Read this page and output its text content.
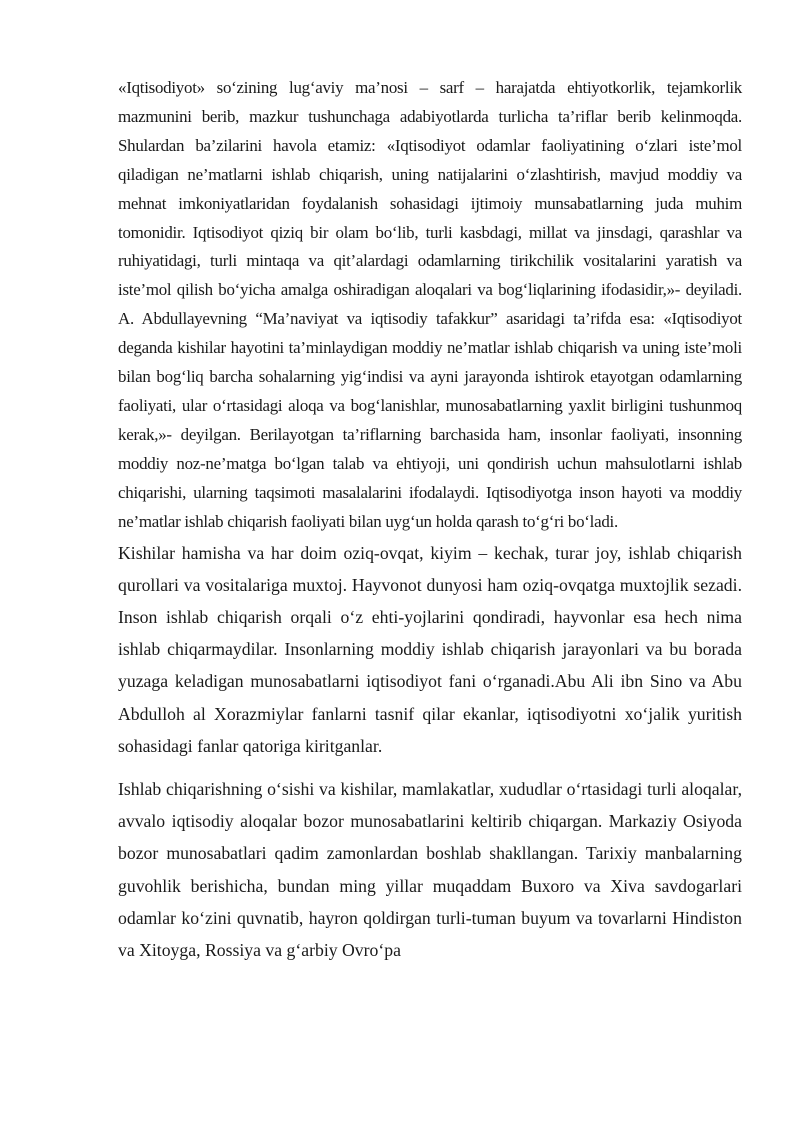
«Iqtisodiyot» so‘zining lug‘aviy ma’nosi – sarf – harajatda ehtiyotkorlik, tejamkorlik mazmunini berib, mazkur tushunchaga adabiyotlarda turlicha ta’riflar berib kelinmoqda. Shulardan ba’zilarini havola etamiz: «Iqtisodiyot odamlar faoliyatining o‘zlari iste’mol qiladigan ne’matlarni ishlab chiqarish, uning natijalarini o‘zlashtirish, mavjud moddiy va mehnat imkoniyatlaridan foydalanish sohasidagi ijtimoiy munsabatlarning juda muhim tomonidir. Iqtisodiyot qiziq bir olam bo‘lib, turli kasbdagi, millat va jinsdagi, qarashlar va ruhiyatidagi, turli mintaqa va qit’alardagi odamlarning tirikchilik vositalarini yaratish va iste’mol qilish bo‘yicha amalga oshiradigan aloqalari va bog‘liqlarining ifodasidir,»- deyiladi. A. Abdullayevning “Ma’naviyat va iqtisodiy tafakkur” asaridagi ta’rifda esa: «Iqtisodiyot deganda kishilar hayotini ta’minlaydigan moddiy ne’matlar ishlab chiqarish va uning iste’moli bilan bog‘liq barcha sohalarning yig‘indisi va ayni jarayonda ishtirok etayotgan odamlarning faoliyati, ular o‘rtasidagi aloqa va bog‘lanishlar, munosabatlarning yaxlit birligini tushunmoq kerak,»- deyilgan. Berilayotgan ta’riflarning barchasida ham, insonlar faoliyati, insonning moddiy noz-ne’matga bo‘lgan talab va ehtiyoji, uni qondirish uchun mahsulotlarni ishlab chiqarishi, ularning taqsimoti masalalarini ifodalaydi. Iqtisodiyotga inson hayoti va moddiy ne’matlar ishlab chiqarish faoliyati bilan uyg‘un holda qarash to‘g‘ri bo‘ladi.

Kishilar hamisha va har doim oziq-ovqat, kiyim – kechak, turar joy, ishlab chiqarish qurollari va vositalariga muxtoj. Hayvonot dunyosi ham oziq-ovqatga muxtojlik sezadi. Inson ishlab chiqarish orqali o‘z ehti-yojlarini qondiradi, hayvonlar esa hech nima ishlab chiqarmaydilar. Insonlarning moddiy ishlab chiqarish jarayonlari va bu borada yuzaga keladigan munosabatlarni iqtisodiyot fani o‘rganadi.Abu Ali ibn Sino va Abu Abdulloh al Xorazmiylar fanlarni tasnif qilar ekanlar, iqtisodiyotni xo‘jalik yuritish sohasidagi fanlar qatoriga kiritganlar.

Ishlab chiqarishning o‘sishi va kishilar, mamlakatlar, xududlar o‘rtasidagi turli aloqalar, avvalo iqtisodiy aloqalar bozor munosabatlarini keltirib chiqargan. Markaziy Osiyoda bozor munosabatlari qadim zamonlardan boshlab shakllangan. Tarixiy manbalarning guvohlik berishicha, bundan ming yillar muqaddam Buxoro va Xiva savdogarlari odamlar ko‘zini quvnatib, hayron qoldirgan turli-tuman buyum va tovarlarni Hindiston va Xitoyga, Rossiya va g‘arbiy Ovro‘pa
